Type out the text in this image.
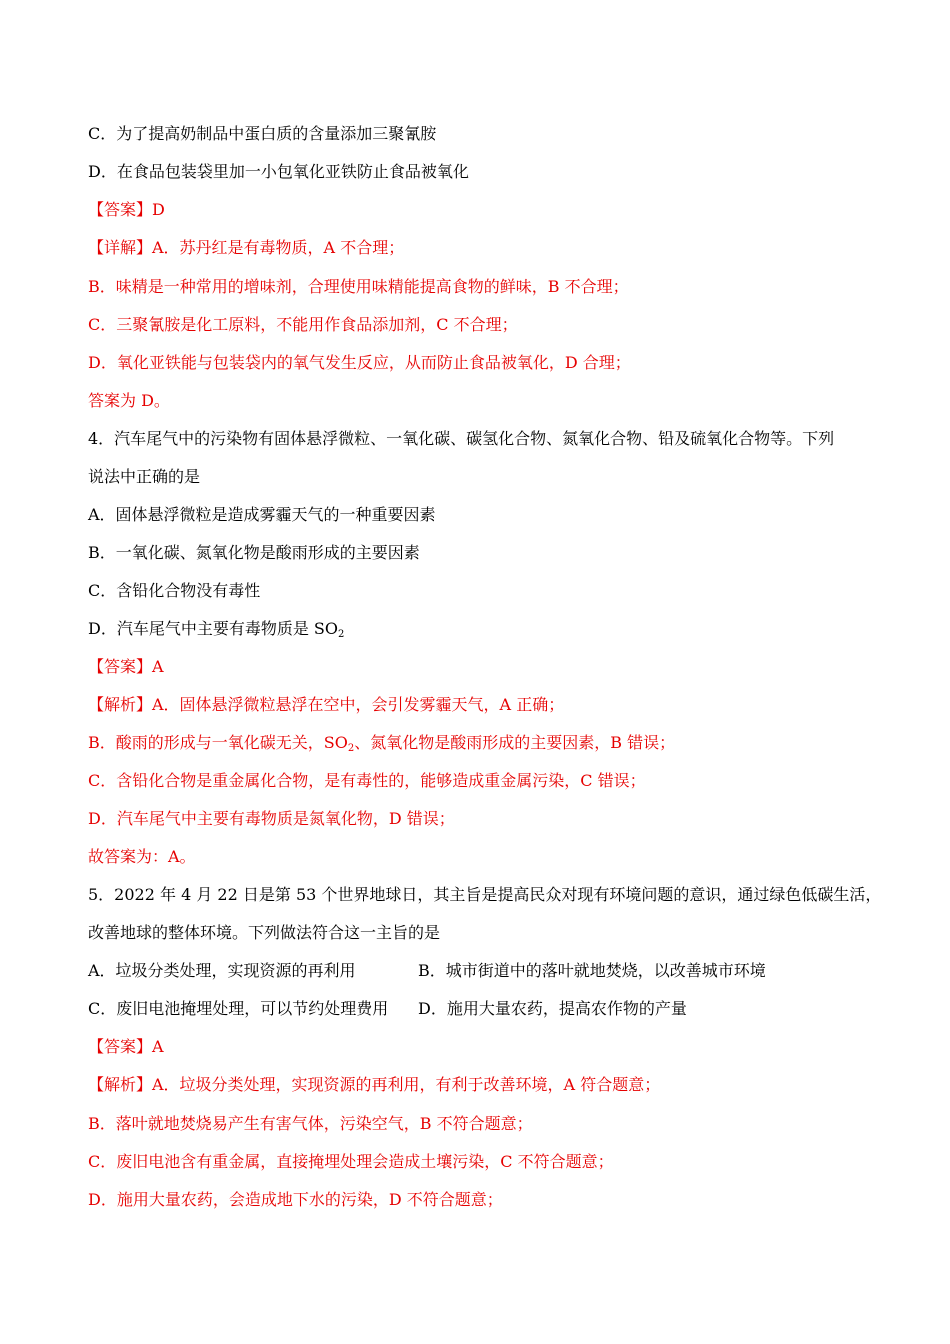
C．为了提高奶制品中蛋白质的含量添加三聚氰胺
D．在食品包装袋里加一小包氧化亚铁防止食品被氧化
【答案】D
【详解】A．苏丹红是有毒物质，A 不合理；
B．味精是一种常用的增味剂，合理使用味精能提高食物的鲜味，B 不合理；
C．三聚氰胺是化工原料，不能用作食品添加剂，C 不合理；
D．氧化亚铁能与包装袋内的氧气发生反应，从而防止食品被氧化，D 合理；
答案为 D。
4．汽车尾气中的污染物有固体悬浮微粒、一氧化碳、碳氢化合物、氮氧化合物、铅及硫氧化合物等。下列
说法中正确的是
A．固体悬浮微粒是造成雾霾天气的一种重要因素
B．一氧化碳、氮氧化物是酸雨形成的主要因素
C．含铅化合物没有毒性
D．汽车尾气中主要有毒物质是 $SO_2$
【答案】A
【解析】A．固体悬浮微粒悬浮在空中，会引发雾霾天气，A 正确；
B．酸雨的形成与一氧化碳无关，$SO_2$、氮氧化物是酸雨形成的主要因素，B 错误；
C．含铅化合物是重金属化合物，是有毒性的，能够造成重金属污染，C 错误；
D．汽车尾气中主要有毒物质是氮氧化物，D 错误；
故答案为：A。
5．2022 年 4 月 22 日是第 53 个世界地球日，其主旨是提高民众对现有环境问题的意识，通过绿色低碳生活，
改善地球的整体环境。下列做法符合这一主旨的是
A．垃圾分类处理，实现资源的再利用	B．城市街道中的落叶就地焚烧，以改善城市环境
C．废旧电池掩埋处理，可以节约处理费用 D．施用大量农药，提高农作物的产量
【答案】A
【解析】A．垃圾分类处理，实现资源的再利用，有利于改善环境，A 符合题意；
B．落叶就地焚烧易产生有害气体，污染空气，B 不符合题意；
C．废旧电池含有重金属，直接掩埋处理会造成土壤污染，C 不符合题意；
D．施用大量农药，会造成地下水的污染，D 不符合题意；
